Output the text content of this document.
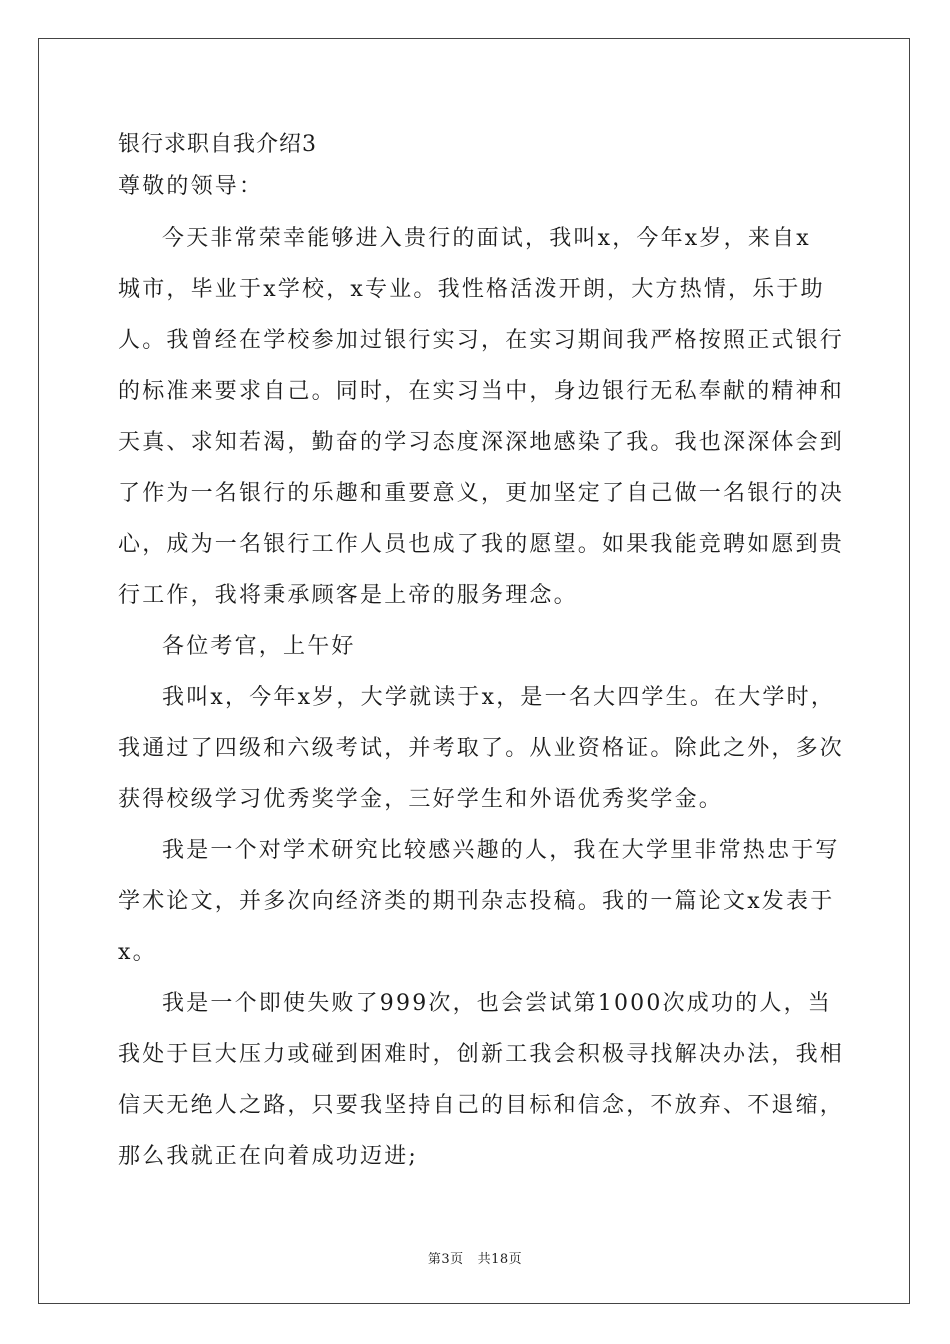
银行求职自我介绍3
尊敬的领导：
今天非常荣幸能够进入贵行的面试，我叫x，今年x岁，来自x
城市，毕业于x学校，x专业。我性格活泼开朗，大方热情，乐于助
人。我曾经在学校参加过银行实习，在实习期间我严格按照正式银行
的标准来要求自己。同时，在实习当中，身边银行无私奉献的精神和
天真、求知若渴，勤奋的学习态度深深地感染了我。我也深深体会到
了作为一名银行的乐趣和重要意义，更加坚定了自己做一名银行的决
心，成为一名银行工作人员也成了我的愿望。如果我能竞聘如愿到贵
行工作，我将秉承顾客是上帝的服务理念。
各位考官，上午好
我叫x，今年x岁，大学就读于x，是一名大四学生。在大学时，
我通过了四级和六级考试，并考取了。从业资格证。除此之外，多次
获得校级学习优秀奖学金，三好学生和外语优秀奖学金。
我是一个对学术研究比较感兴趣的人，我在大学里非常热忠于写
学术论文，并多次向经济类的期刊杂志投稿。我的一篇论文x发表于
x。
我是一个即使失败了999次，也会尝试第1000次成功的人，当
我处于巨大压力或碰到困难时，创新工我会积极寻找解决办法，我相
信天无绝人之路，只要我坚持自己的目标和信念，不放弃、不退缩，
那么我就正在向着成功迈进;
第3页 共18页
